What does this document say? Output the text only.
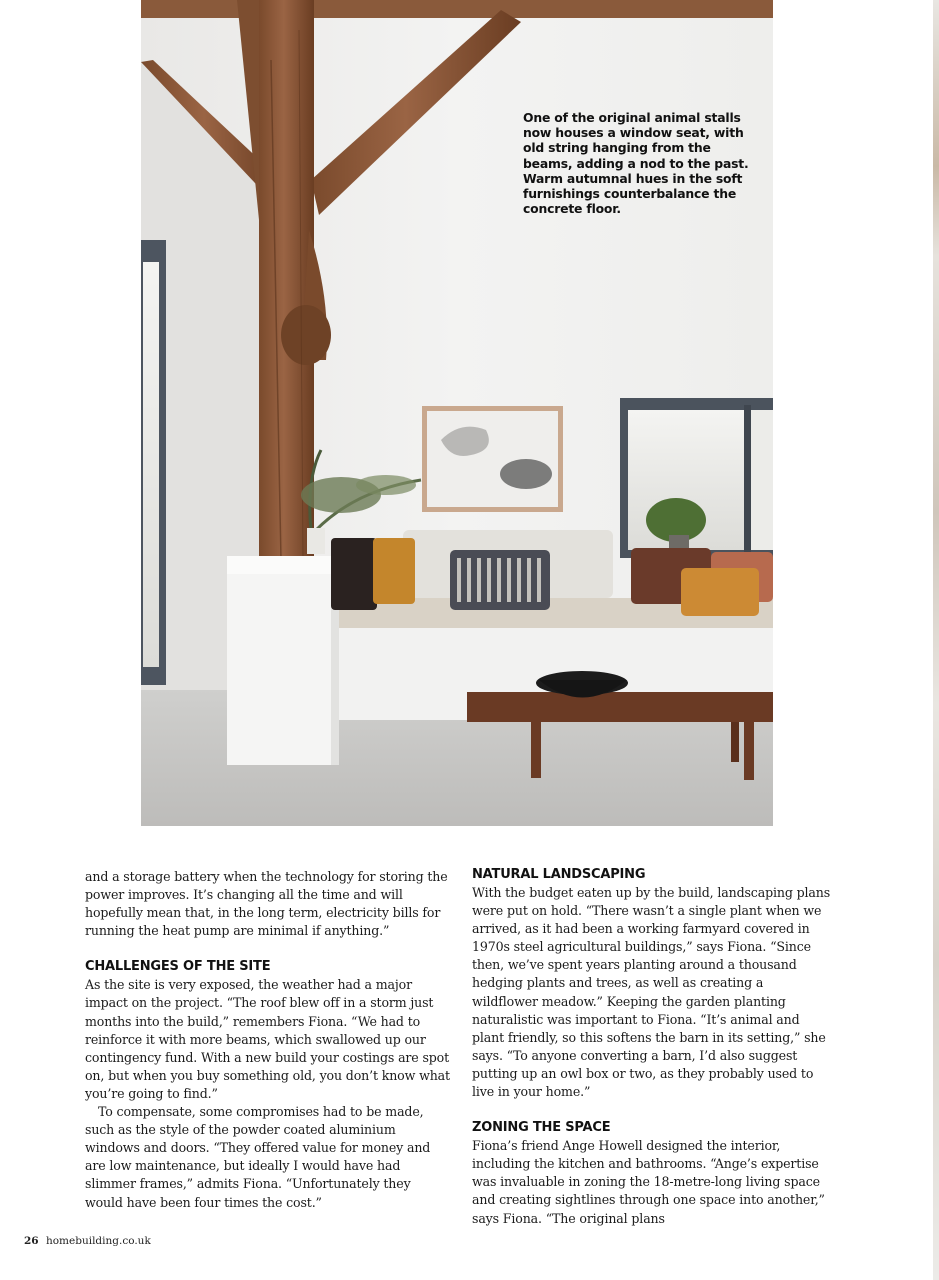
One of the original animal stalls now houses a window seat, with old string hanging from the beams, adding a nod to the past. Warm autumnal hues in the soft furnishings counterbalance the concrete floor.

and a storage battery when the technology for storing the power improves. It’s changing all the time and will hopefully mean that, in the long term, electricity bills for running the heat pump are minimal if anything.”

CHALLENGES OF THE SITE

As the site is very exposed, the weather had a major impact on the project. “The roof blew off in a storm just months into the build,” remembers Fiona. “We had to reinforce it with more beams, which swallowed up our contingency fund. With a new build your costings are spot on, but when you buy something old, you don’t know what you’re going to find.”

To compensate, some compromises had to be made, such as the style of the powder coated aluminium windows and doors. “They offered value for money and are low maintenance, but ideally I would have had slimmer frames,” admits Fiona. “Unfortunately they would have been four times the cost.”

NATURAL LANDSCAPING

With the budget eaten up by the build, landscaping plans were put on hold. “There wasn’t a single plant when we arrived, as it had been a working farmyard covered in 1970s steel agricultural buildings,” says Fiona. “Since then, we’ve spent years planting around a thousand hedging plants and trees, as well as creating a wildflower meadow.” Keeping the garden planting naturalistic was important to Fiona. “It’s animal and plant friendly, so this softens the barn in its setting,” she says. “To anyone converting a barn, I’d also suggest putting up an owl box or two, as they probably used to live in your home.”

ZONING THE SPACE

Fiona’s friend Ange Howell designed the interior, including the kitchen and bathrooms. “Ange’s expertise was invaluable in zoning the 18-metre-long living space and creating sightlines through one space into another,” says Fiona. “The original plans

26 homebuilding.co.uk
